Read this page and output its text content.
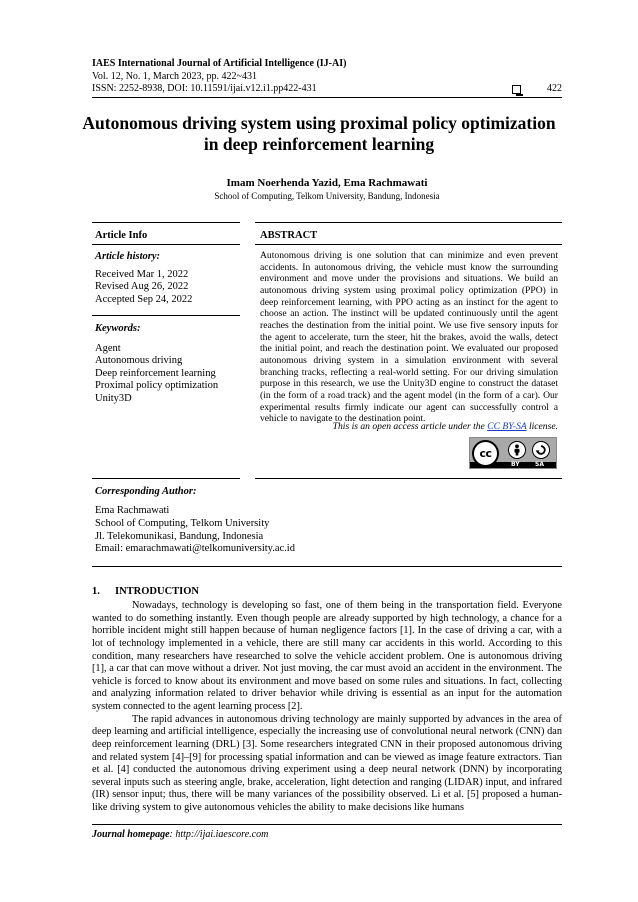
IAES International Journal of Artificial Intelligence (IJ-AI)
Vol. 12, No. 1, March 2023, pp. 422~431
ISSN: 2252-8938, DOI: 10.11591/ijai.v12.i1.pp422-431	422
Autonomous driving system using proximal policy optimization
in deep reinforcement learning
Imam Noerhenda Yazid, Ema Rachmawati
School of Computing, Telkom University, Bandung, Indonesia
Article Info
Article history:
Received Mar 1, 2022
Revised Aug 26, 2022
Accepted Sep 24, 2022
Keywords:
Agent
Autonomous driving
Deep reinforcement learning
Proximal policy optimization
Unity3D
ABSTRACT
Autonomous driving is one solution that can minimize and even prevent accidents. In autonomous driving, the vehicle must know the surrounding environment and move under the provisions and situations. We build an autonomous driving system using proximal policy optimization (PPO) in deep reinforcement learning, with PPO acting as an instinct for the agent to choose an action. The instinct will be updated continuously until the agent reaches the destination from the initial point. We use five sensory inputs for the agent to accelerate, turn the steer, hit the brakes, avoid the walls, detect the initial point, and reach the destination point. We evaluated our proposed autonomous driving system in a simulation environment with several branching tracks, reflecting a real-world setting. For our driving simulation purpose in this research, we use the Unity3D engine to construct the dataset (in the form of a road track) and the agent model (in the form of a car). Our experimental results firmly indicate our agent can successfully control a vehicle to navigate to the destination point.
This is an open access article under the CC BY-SA license.
cc
BY	SA
Corresponding Author:
Ema Rachmawati
School of Computing, Telkom University
Jl. Telekomunikasi, Bandung, Indonesia
Email: emarachmawati@telkomuniversity.ac.id
1. INTRODUCTION

Nowadays, technology is developing so fast, one of them being in the transportation field. Everyone wanted to do something instantly. Even though people are already supported by high technology, a chance for a horrible incident might still happen because of human negligence factors [1]. In the case of driving a car, with a lot of technology implemented in a vehicle, there are still many car accidents in this world. According to this condition, many researchers have researched to solve the vehicle accident problem. One is autonomous driving [1], a car that can move without a driver. Not just moving, the car must avoid an accident in the environment. The vehicle is forced to know about its environment and move based on some rules and situations. In fact, collecting and analyzing information related to driver behavior while driving is essential as an input for the automation system connected to the agent learning process [2].

The rapid advances in autonomous driving technology are mainly supported by advances in the area of deep learning and artificial intelligence, especially the increasing use of convolutional neural network (CNN) dan deep reinforcement learning (DRL) [3]. Some researchers integrated CNN in their proposed autonomous driving and related system [4]–[9] for processing spatial information and can be viewed as image feature extractors. Tian et al. [4] conducted the autonomous driving experiment using a deep neural network (DNN) by incorporating several inputs such as steering angle, brake, acceleration, light detection and ranging (LIDAR) input, and infrared (IR) sensor input; thus, there will be many variances of the possibility observed. Li et al. [5] proposed a human-like driving system to give autonomous vehicles the ability to make decisions like humans

Journal homepage: http://ijai.iaescore.com
